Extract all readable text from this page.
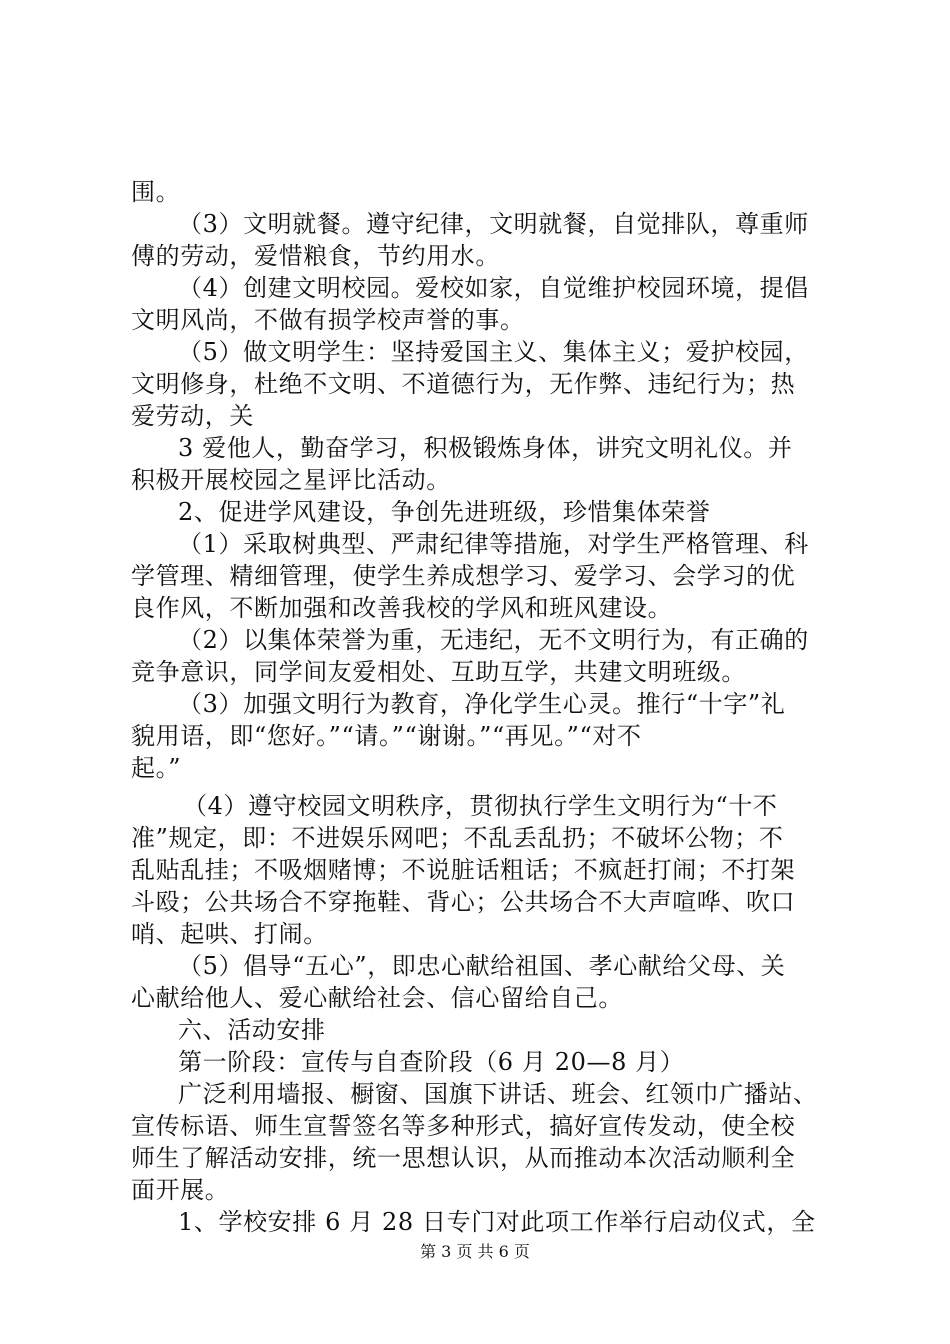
围。
（3）文明就餐。遵守纪律，文明就餐，自觉排队，尊重师
傅的劳动，爱惜粮食，节约用水。
（4）创建文明校园。爱校如家，自觉维护校园环境，提倡
文明风尚，不做有损学校声誉的事。
（5）做文明学生：坚持爱国主义、集体主义；爱护校园，
文明修身，杜绝不文明、不道德行为，无作弊、违纪行为；热
爱劳动，关
3 爱他人，勤奋学习，积极锻炼身体，讲究文明礼仪。并
积极开展校园之星评比活动。
2、促进学风建设，争创先进班级，珍惜集体荣誉
（1）采取树典型、严肃纪律等措施，对学生严格管理、科
学管理、精细管理，使学生养成想学习、爱学习、会学习的优
良作风，不断加强和改善我校的学风和班风建设。
（2）以集体荣誉为重，无违纪，无不文明行为，有正确的
竞争意识，同学间友爱相处、互助互学，共建文明班级。
（3）加强文明行为教育，净化学生心灵。推行“十字”礼
貌用语，即“您好。”“请。”“谢谢。”“再见。”“对不
起。”
（4）遵守校园文明秩序，贯彻执行学生文明行为“十不
准”规定，即：不进娱乐网吧；不乱丢乱扔；不破坏公物；不
乱贴乱挂；不吸烟赌博；不说脏话粗话；不疯赶打闹；不打架
斗殴；公共场合不穿拖鞋、背心；公共场合不大声喧哗、吹口
哨、起哄、打闹。
（5）倡导“五心”，即忠心献给祖国、孝心献给父母、关
心献给他人、爱心献给社会、信心留给自己。
六、活动安排
第一阶段：宣传与自查阶段（6 月 20—8 月）
广泛利用墙报、橱窗、国旗下讲话、班会、红领巾广播站、
宣传标语、师生宣誓签名等多种形式，搞好宣传发动，使全校
师生了解活动安排，统一思想认识，从而推动本次活动顺利全
面开展。
1、学校安排 6 月 28 日专门对此项工作举行启动仪式，全
第 3 页 共 6 页
